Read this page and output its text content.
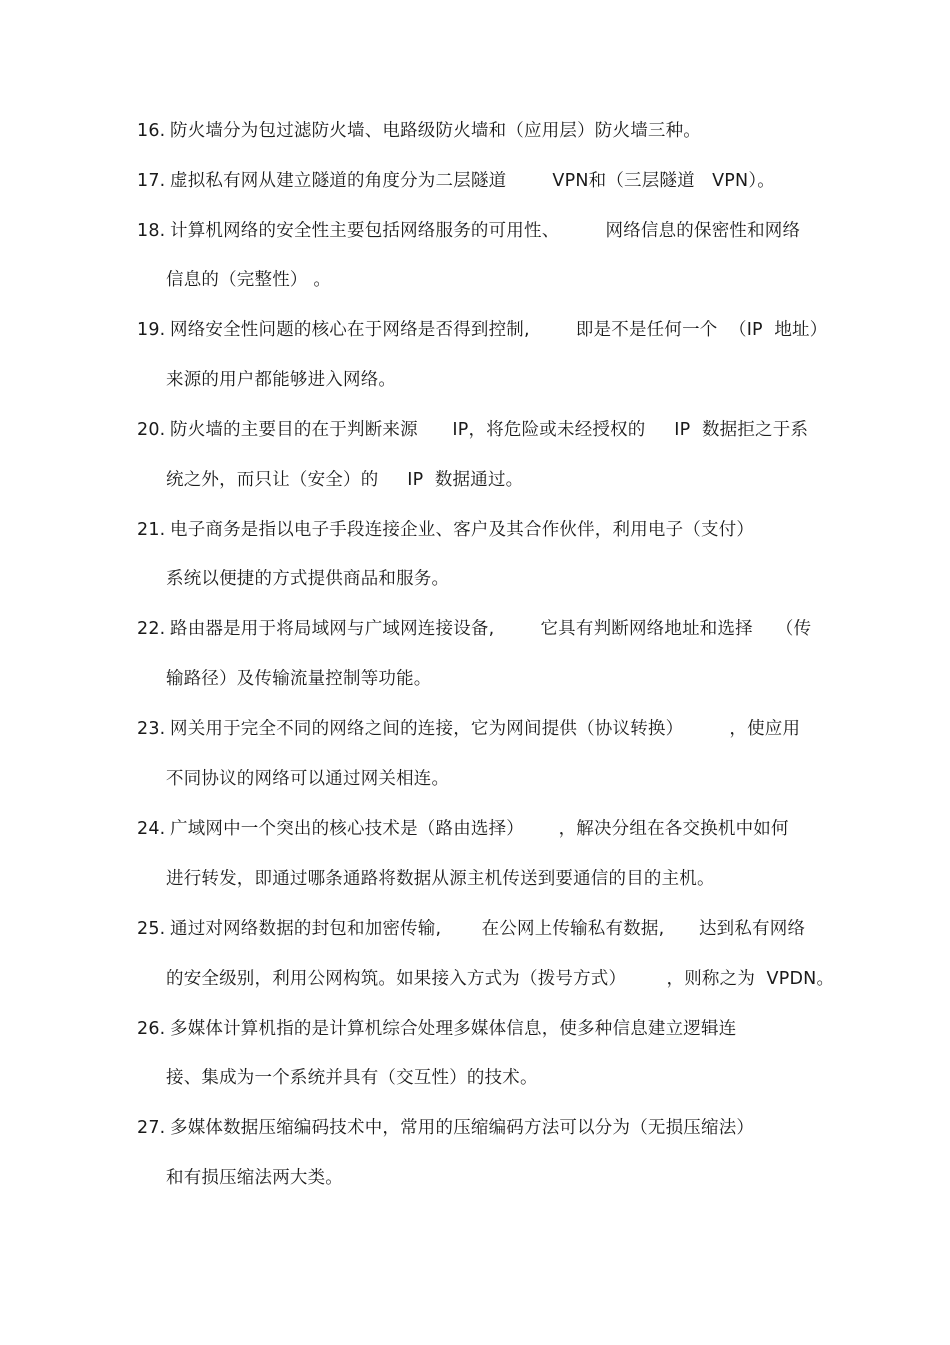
16. 防火墙分为包过滤防火墙、电路级防火墙和（应用层）防火墙三种。
17. 虚拟私有网从建立隧道的角度分为二层隧道        VPN和（三层隧道   VPN）。
18. 计算机网络的安全性主要包括网络服务的可用性、        网络信息的保密性和网络
信息的（完整性） 。
19. 网络安全性问题的核心在于网络是否得到控制,        即是不是任何一个  （IP  地址）
来源的用户都能够进入网络。
20. 防火墙的主要目的在于判断来源      IP，将危险或未经授权的     IP  数据拒之于系
统之外，而只让（安全）的     IP  数据通过。
21. 电子商务是指以电子手段连接企业、客户及其合作伙伴，利用电子（支付）
系统以便捷的方式提供商品和服务。
22. 路由器是用于将局域网与广域网连接设备,        它具有判断网络地址和选择    （传
输路径）及传输流量控制等功能。
23. 网关用于完全不同的网络之间的连接，它为网间提供（协议转换）        ，使应用
不同协议的网络可以通过网关相连。
24. 广域网中一个突出的核心技术是（路由选择）      ，解决分组在各交换机中如何
进行转发，即通过哪条通路将数据从源主机传送到要通信的目的主机。
25. 通过对网络数据的封包和加密传输,       在公网上传输私有数据,      达到私有网络
的安全级别，利用公网构筑。如果接入方式为（拨号方式）       ，则称之为  VPDN。
26. 多媒体计算机指的是计算机综合处理多媒体信息，使多种信息建立逻辑连
接、集成为一个系统并具有（交互性）的技术。
27. 多媒体数据压缩编码技术中，常用的压缩编码方法可以分为（无损压缩法）
和有损压缩法两大类。
